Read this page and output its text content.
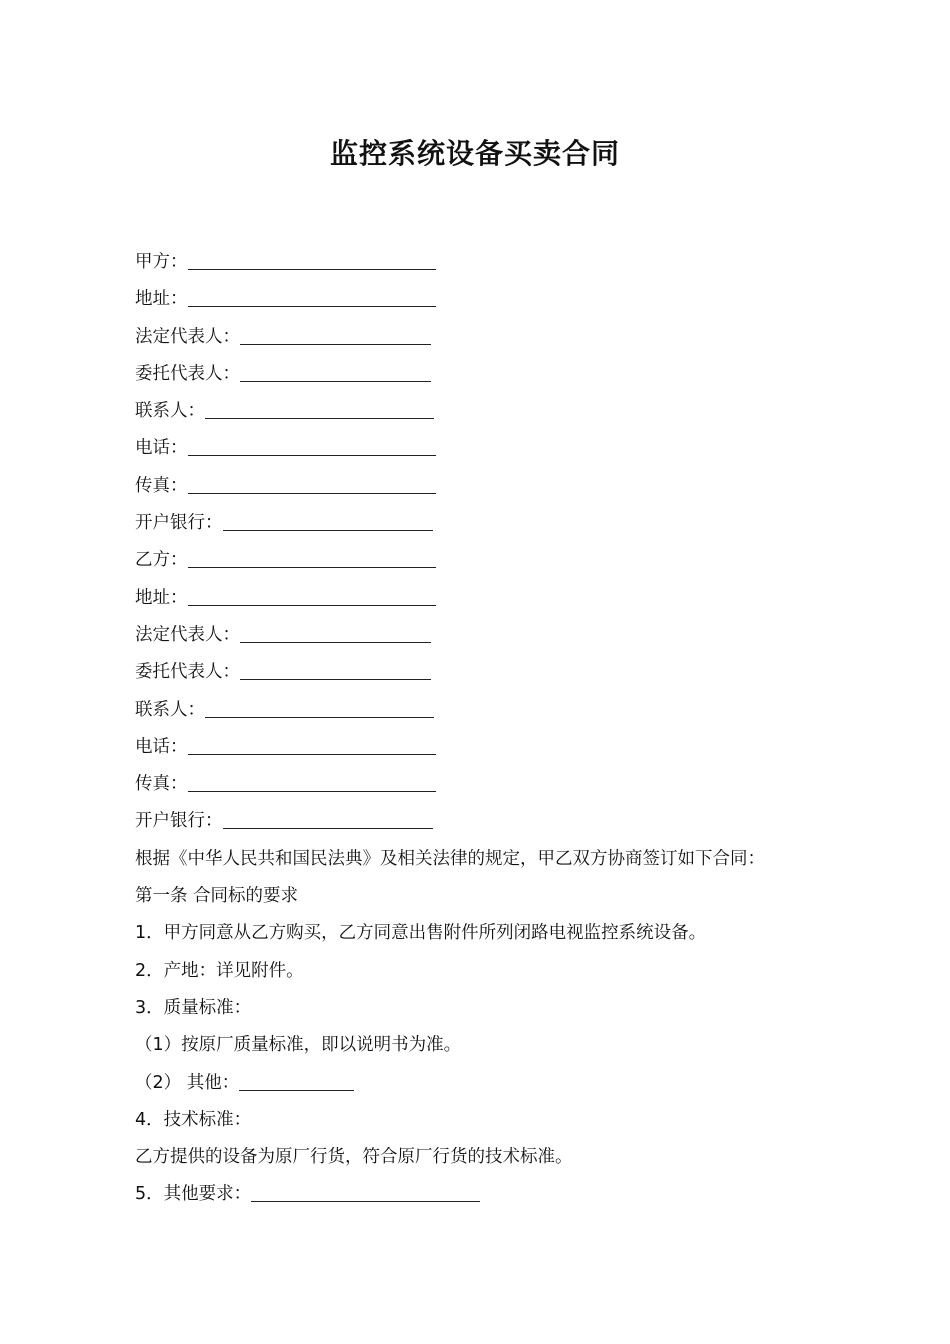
监控系统设备买卖合同
甲方：
地址：
法定代表人：
委托代表人：
联系人：
电话：
传真：
开户银行：
乙方：
地址：
法定代表人：
委托代表人：
联系人：
电话：
传真：
开户银行：
根据《中华人民共和国民法典》及相关法律的规定，甲乙双方协商签订如下合同：
第一条 合同标的要求
1．甲方同意从乙方购买，乙方同意出售附件所列闭路电视监控系统设备。
2．产地：详见附件。
3．质量标准：
（1）按原厂质量标准，即以说明书为准。
（2） 其他：
4．技术标准：
乙方提供的设备为原厂行货，符合原厂行货的技术标准。
5．其他要求：
